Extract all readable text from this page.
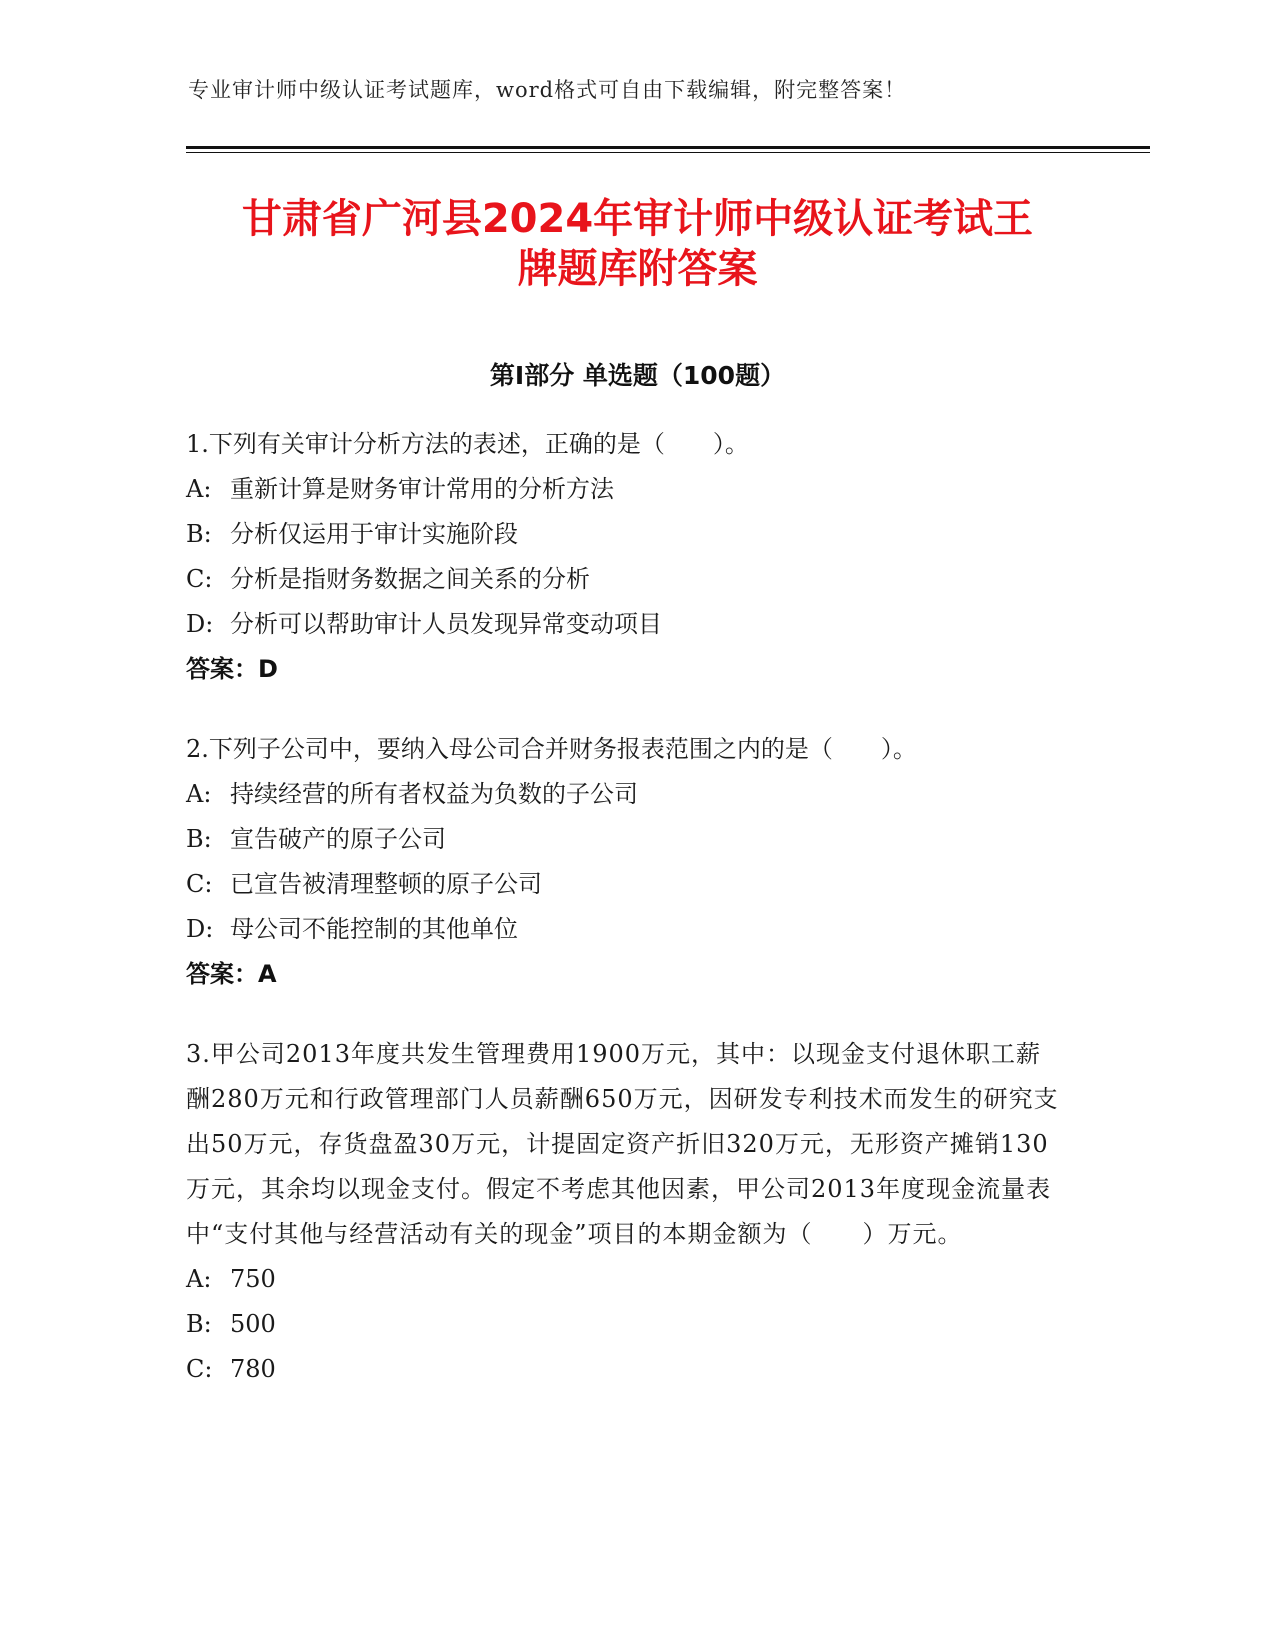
专业审计师中级认证考试题库，word格式可自由下载编辑，附完整答案！
甘肃省广河县2024年审计师中级认证考试王
牌题库附答案
第I部分 单选题（100题）
1.下列有关审计分析方法的表述，正确的是（　　）。
A: 重新计算是财务审计常用的分析方法
B: 分析仅运用于审计实施阶段
C: 分析是指财务数据之间关系的分析
D: 分析可以帮助审计人员发现异常变动项目
答案：D
2.下列子公司中，要纳入母公司合并财务报表范围之内的是（　　）。
A: 持续经营的所有者权益为负数的子公司
B: 宣告破产的原子公司
C: 已宣告被清理整顿的原子公司
D: 母公司不能控制的其他单位
答案：A
3.甲公司2013年度共发生管理费用1900万元，其中：以现金支付退休职工薪酬280万元和行政管理部门人员薪酬650万元，因研发专利技术而发生的研究支出50万元，存货盘盈30万元，计提固定资产折旧320万元，无形资产摊销130万元，其余均以现金支付。假定不考虑其他因素，甲公司2013年度现金流量表中“支付其他与经营活动有关的现金”项目的本期金额为（　　）万元。
A: 750
B: 500
C: 780
